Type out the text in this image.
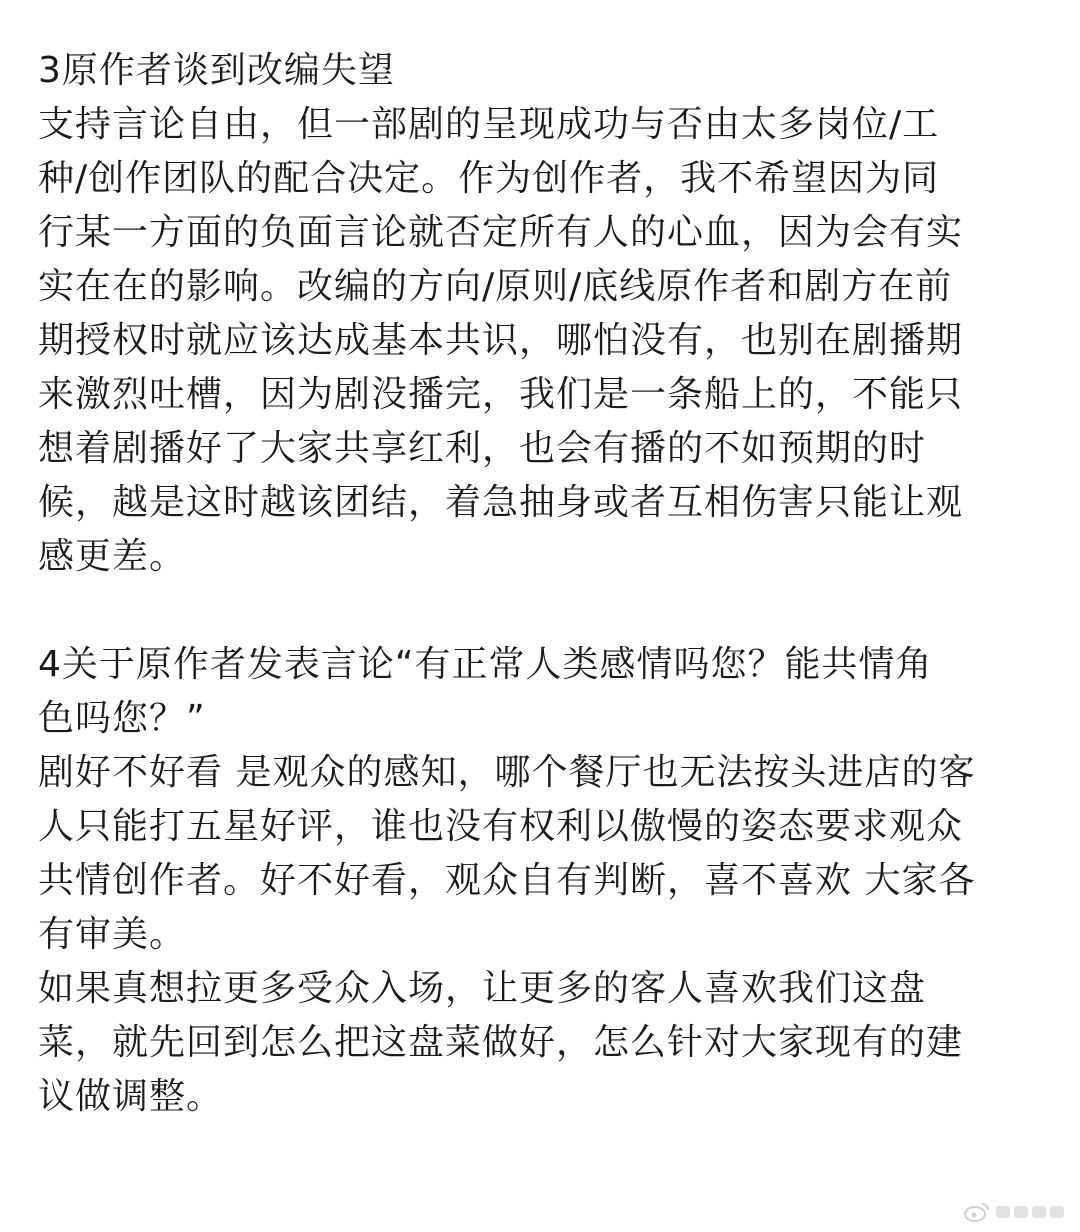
3原作者谈到改编失望
支持言论自由，但一部剧的呈现成功与否由太多岗位/工
种/创作团队的配合决定。作为创作者，我不希望因为同
行某一方面的负面言论就否定所有人的心血，因为会有实
实在在的影响。改编的方向/原则/底线原作者和剧方在前
期授权时就应该达成基本共识，哪怕没有，也别在剧播期
来激烈吐槽，因为剧没播完，我们是一条船上的，不能只
想着剧播好了大家共享红利，也会有播的不如预期的时
候，越是这时越该团结，着急抽身或者互相伤害只能让观
感更差。
4关于原作者发表言论“有正常人类感情吗您？能共情角
色吗您？”
剧好不好看 是观众的感知，哪个餐厅也无法按头进店的客
人只能打五星好评，谁也没有权利以傲慢的姿态要求观众
共情创作者。好不好看，观众自有判断，喜不喜欢 大家各
有审美。
如果真想拉更多受众入场，让更多的客人喜欢我们这盘
菜，就先回到怎么把这盘菜做好，怎么针对大家现有的建
议做调整。
